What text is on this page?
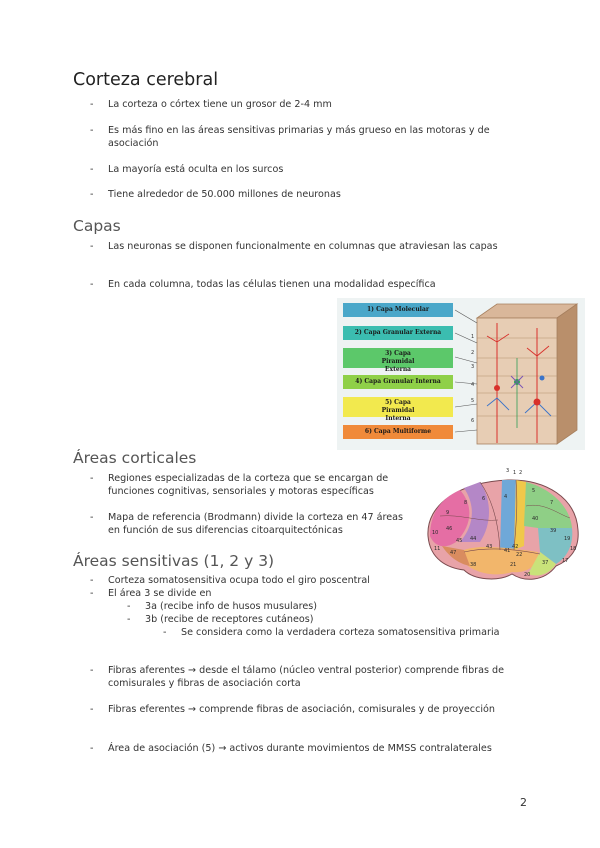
Corteza cerebral
- La corteza o córtex tiene un grosor de 2-4 mm
- Es más fino en las áreas sensitivas primarias y más grueso en las motoras y de asociación
- La mayoría está oculta en los surcos
- Tiene alrededor de 50.000 millones de neuronas
Capas
- Las neuronas se disponen funcionalmente en columnas que atraviesan las capas
- En cada columna, todas las células tienen una modalidad específica
1
2
3
4
5
6
1) Capa Molecular
2) Capa Granular Externa
3) Capa Piramidal Externa
4) Capa Granular Interna
5) Capa Piramidal Interna
6) Capa Multiforme
Áreas corticales
- Regiones especializadas de la corteza que se encargan de funciones cognitivas, sensoriales y motoras específicas
- Mapa de referencia (Brodmann) divide la corteza en 47 áreas en función de sus diferencias citoarquitectónicas
3 1 2
5
7
4
6
8
9
10
46
45 44
43
40
39
19
18
17
22
41
42
21	37
38
20
11
47
Áreas sensitivas (1, 2 y 3)
- Corteza somatosensitiva ocupa todo el giro poscentral
- El área 3 se divide en
- 3a (recibe info de husos musulares)
- 3b (recibe de receptores cutáneos)
- Se considera como la verdadera corteza somatosensitiva primaria
- Fibras aferentes → desde el tálamo (núcleo ventral posterior) comprende fibras de comisurales y fibras de asociación corta
- Fibras eferentes → comprende fibras de asociación, comisurales y de proyección
- Área de asociación (5) → activos durante movimientos de MMSS contralaterales
2
